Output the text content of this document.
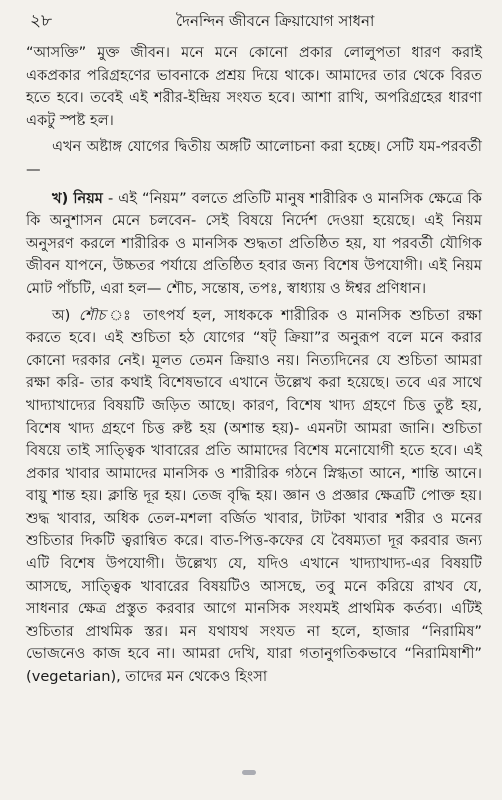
২৮	দৈনন্দিন জীবনে ক্রিয়াযোগ সাধনা

“আসক্তি” মুক্ত জীবন। মনে মনে কোনো প্রকার লোলুপতা ধারণ করাই একপ্রকার পরিগ্রহণের ভাবনাকে প্রশ্রয় দিয়ে থাকে। আমাদের তার থেকে বিরত হতে হবে। তবেই এই শরীর-ইন্দ্রিয় সংযত হবে। আশা রাখি, অপরিগ্রহের ধারণা একটু স্পষ্ট হল।

এখন অষ্টাঙ্গ যোগের দ্বিতীয় অঙ্গটি আলোচনা করা হচ্ছে। সেটি যম-পরবর্তী—

খ) নিয়ম - এই “নিয়ম” বলতে প্রতিটি মানুষ শারীরিক ও মানসিক ক্ষেত্রে কি কি অনুশাসন মেনে চলবেন- সেই বিষয়ে নির্দেশ দেওয়া হয়েছে। এই নিয়ম অনুসরণ করলে শারীরিক ও মানসিক শুদ্ধতা প্রতিষ্ঠিত হয়, যা পরবর্তী যৌগিক জীবন যাপনে, উচ্চতর পর্যায়ে প্রতিষ্ঠিত হবার জন্য বিশেষ উপযোগী। এই নিয়ম মোট পাঁচটি, এরা হল— শৌচ, সন্তোষ, তপঃ, স্বাধ্যায় ও ঈশ্বর প্রণিধান।

অ) শৌচ ঃ তাৎপর্য হল, সাধককে শারীরিক ও মানসিক শুচিতা রক্ষা করতে হবে। এই শুচিতা হঠ যোগের “ষট্ ক্রিয়া”র অনুরূপ বলে মনে করার কোনো দরকার নেই। মূলত তেমন ক্রিয়াও নয়। নিত্যদিনের যে শুচিতা আমরা রক্ষা করি- তার কথাই বিশেষভাবে এখানে উল্লেখ করা হয়েছে। তবে এর সাথে খাদ্যাখাদ্যের বিষয়টি জড়িত আছে। কারণ, বিশেষ খাদ্য গ্রহণে চিত্ত তুষ্ট হয়, বিশেষ খাদ্য গ্রহণে চিত্ত রুষ্ট হয় (অশান্ত হয়)- এমনটা আমরা জানি। শুচিতা বিষয়ে তাই সাত্ত্বিক খাবারের প্রতি আমাদের বিশেষ মনোযোগী হতে হবে। এই প্রকার খাবার আমাদের মানসিক ও শারীরিক গঠনে স্নিগ্ধতা আনে, শান্তি আনে। বায়ু শান্ত হয়। ক্লান্তি দূর হয়। তেজ বৃদ্ধি হয়। জ্ঞান ও প্রজ্ঞার ক্ষেত্রটি পোক্ত হয়। শুদ্ধ খাবার, অধিক তেল-মশলা বর্জিত খাবার, টাটকা খাবার শরীর ও মনের শুচিতার দিকটি ত্বরান্বিত করে। বাত-পিত্ত-কফের যে বৈষম্যতা দূর করবার জন্য এটি বিশেষ উপযোগী। উল্লেখ্য যে, যদিও এখানে খাদ্যাখাদ্য-এর বিষয়টি আসছে, সাত্ত্বিক খাবারের বিষয়টিও আসছে, তবু মনে করিয়ে রাখব যে, সাধনার ক্ষেত্র প্রস্তুত করবার আগে মানসিক সংযমই প্রাথমিক কর্তব্য। এটিই শুচিতার প্রাথমিক স্তর। মন যথাযথ সংযত না হলে, হাজার “নিরামিষ” ভোজনেও কাজ হবে না। আমরা দেখি, যারা গতানুগতিকভাবে “নিরামিষাশী” (vegetarian), তাদের মন থেকেও হিংসা
